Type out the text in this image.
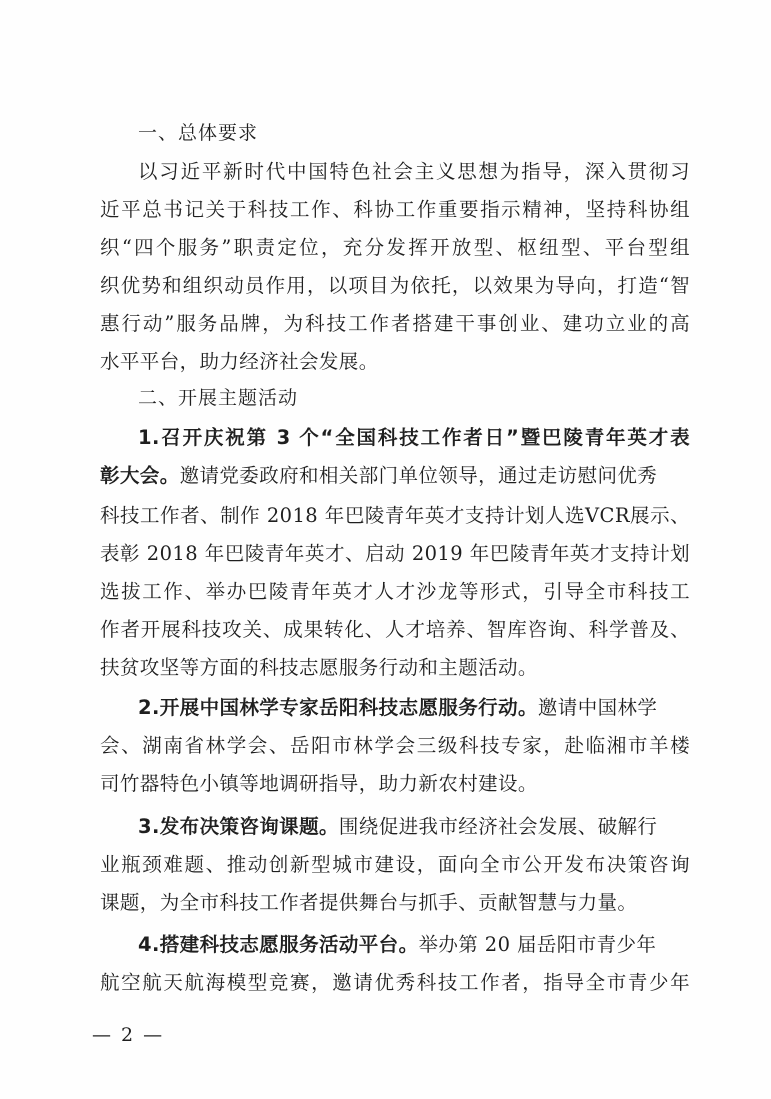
一、总体要求
以习近平新时代中国特色社会主义思想为指导，深入贯彻习
近平总书记关于科技工作、科协工作重要指示精神，坚持科协组
织“四个服务”职责定位，充分发挥开放型、枢纽型、平台型组
织优势和组织动员作用，以项目为依托，以效果为导向，打造“智
惠行动”服务品牌，为科技工作者搭建干事创业、建功立业的高
水平平台，助力经济社会发展。
二、开展主题活动
1.召开庆祝第 3 个“全国科技工作者日”暨巴陵青年英才表
彰大会。邀请党委政府和相关部门单位领导，通过走访慰问优秀
科技工作者、制作 2018 年巴陵青年英才支持计划人选VCR展示、
表彰 2018 年巴陵青年英才、启动 2019 年巴陵青年英才支持计划
选拔工作、举办巴陵青年英才人才沙龙等形式，引导全市科技工
作者开展科技攻关、成果转化、人才培养、智库咨询、科学普及、
扶贫攻坚等方面的科技志愿服务行动和主题活动。
2.开展中国林学专家岳阳科技志愿服务行动。邀请中国林学
会、湖南省林学会、岳阳市林学会三级科技专家，赴临湘市羊楼
司竹器特色小镇等地调研指导，助力新农村建设。
3.发布决策咨询课题。围绕促进我市经济社会发展、破解行
业瓶颈难题、推动创新型城市建设，面向全市公开发布决策咨询
课题，为全市科技工作者提供舞台与抓手、贡献智慧与力量。
4.搭建科技志愿服务活动平台。举办第 20 届岳阳市青少年
航空航天航海模型竞赛，邀请优秀科技工作者，指导全市青少年
— 2 —
